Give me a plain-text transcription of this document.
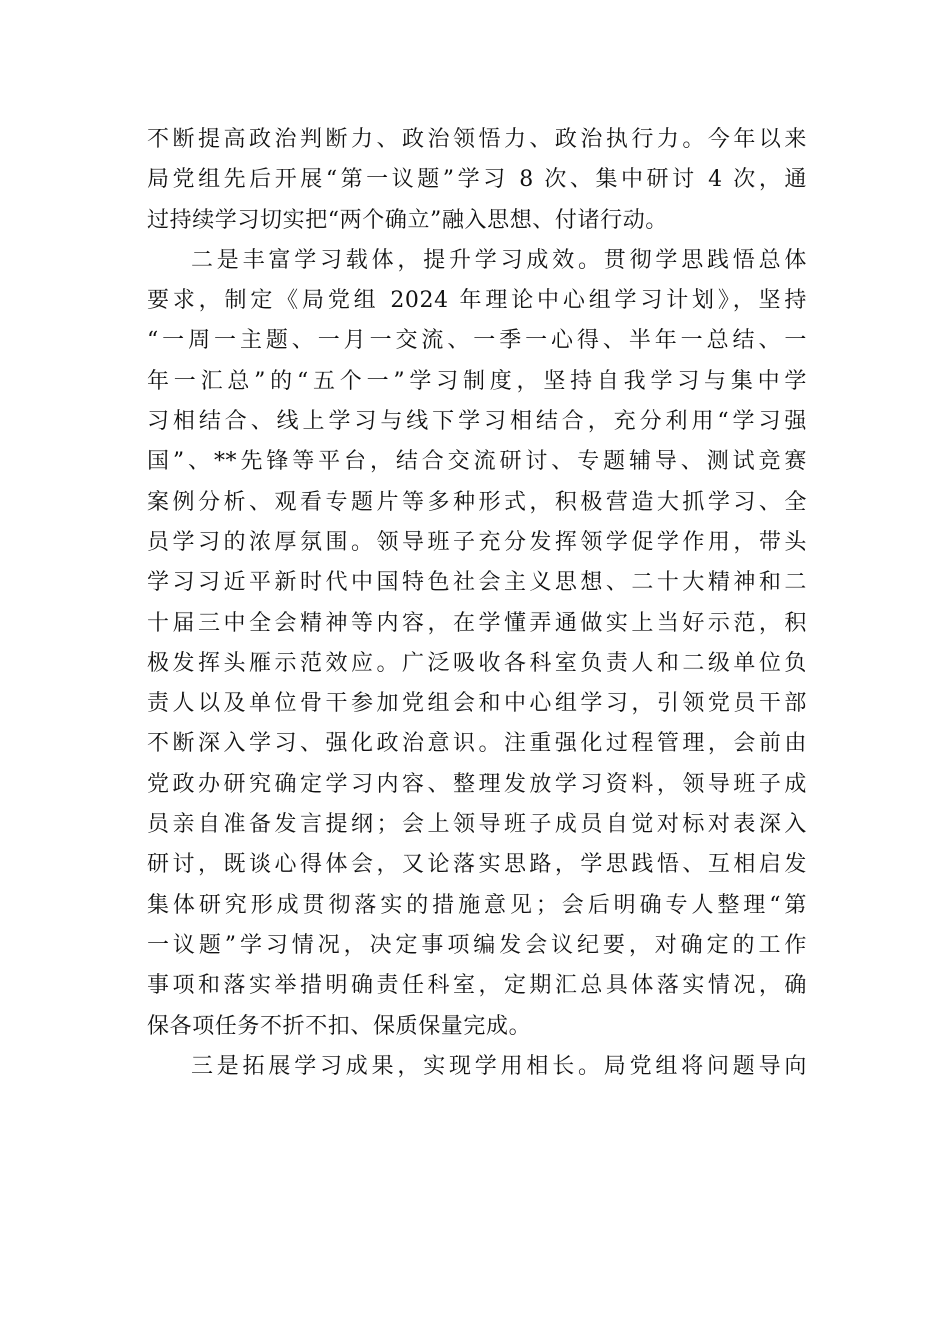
不断提高政治判断力、政治领悟力、政治执行力。今年以来
局党组先后开展“第一议题”学习 8 次、集中研讨 4 次，通
过持续学习切实把“两个确立”融入思想、付诸行动。
二是丰富学习载体，提升学习成效。贯彻学思践悟总体
要求，制定《局党组 2024 年理论中心组学习计划》，坚持
“一周一主题、一月一交流、一季一心得、半年一总结、一
年一汇总”的“五个一”学习制度，坚持自我学习与集中学
习相结合、线上学习与线下学习相结合，充分利用“学习强
国”、**先锋等平台，结合交流研讨、专题辅导、测试竞赛
案例分析、观看专题片等多种形式，积极营造大抓学习、全
员学习的浓厚氛围。领导班子充分发挥领学促学作用，带头
学习习近平新时代中国特色社会主义思想、二十大精神和二
十届三中全会精神等内容，在学懂弄通做实上当好示范，积
极发挥头雁示范效应。广泛吸收各科室负责人和二级单位负
责人以及单位骨干参加党组会和中心组学习，引领党员干部
不断深入学习、强化政治意识。注重强化过程管理，会前由
党政办研究确定学习内容、整理发放学习资料，领导班子成
员亲自准备发言提纲；会上领导班子成员自觉对标对表深入
研讨，既谈心得体会，又论落实思路，学思践悟、互相启发
集体研究形成贯彻落实的措施意见；会后明确专人整理“第
一议题”学习情况，决定事项编发会议纪要，对确定的工作
事项和落实举措明确责任科室，定期汇总具体落实情况，确
保各项任务不折不扣、保质保量完成。
三是拓展学习成果，实现学用相长。局党组将问题导向
